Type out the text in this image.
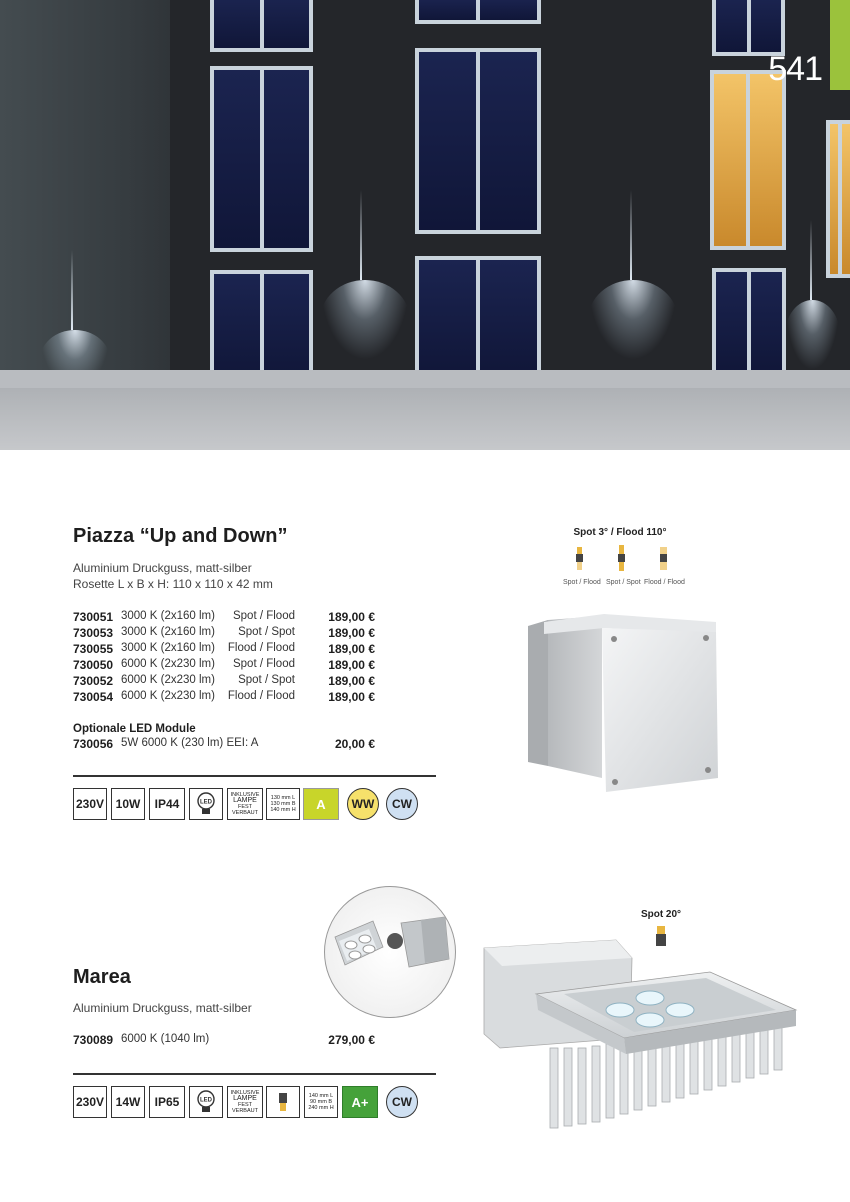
541
Piazza “Up and Down”
Aluminium Druckguss, matt-silber
Rosette L x B x H: 110 x 110 x 42 mm
730051 3000 K (2x160 lm) Spot / Flood	189,00 €
730053 3000 K (2x160 lm) Spot / Spot	189,00 €
730055 3000 K (2x160 lm) Flood / Flood	189,00 €
730050 6000 K (2x230 lm) Spot / Flood	189,00 €
730052 6000 K (2x230 lm) Spot / Spot	189,00 €
730054 6000 K (2x230 lm) Flood / Flood	189,00 €
Optionale LED Module
730056 5W 6000 K (230 lm) EEI: A	20,00 €
230V 10W	IP44	LED
INKLUSIVE
LAMPE
FEST VERBAUT
130 mm L
130 mm B
140 mm H	A	WW	CW
Spot 3° / Flood 110°
Spot / Flood Spot / Spot Flood / Flood
Marea
Aluminium Druckguss, matt-silber
730089 6000 K (1040 lm)	279,00 €
230V 14W	IP65	LED
INKLUSIVE
LAMPE
FEST VERBAUT
140 mm L
90 mm B
240 mm H	A+	CW
Spot 20°
